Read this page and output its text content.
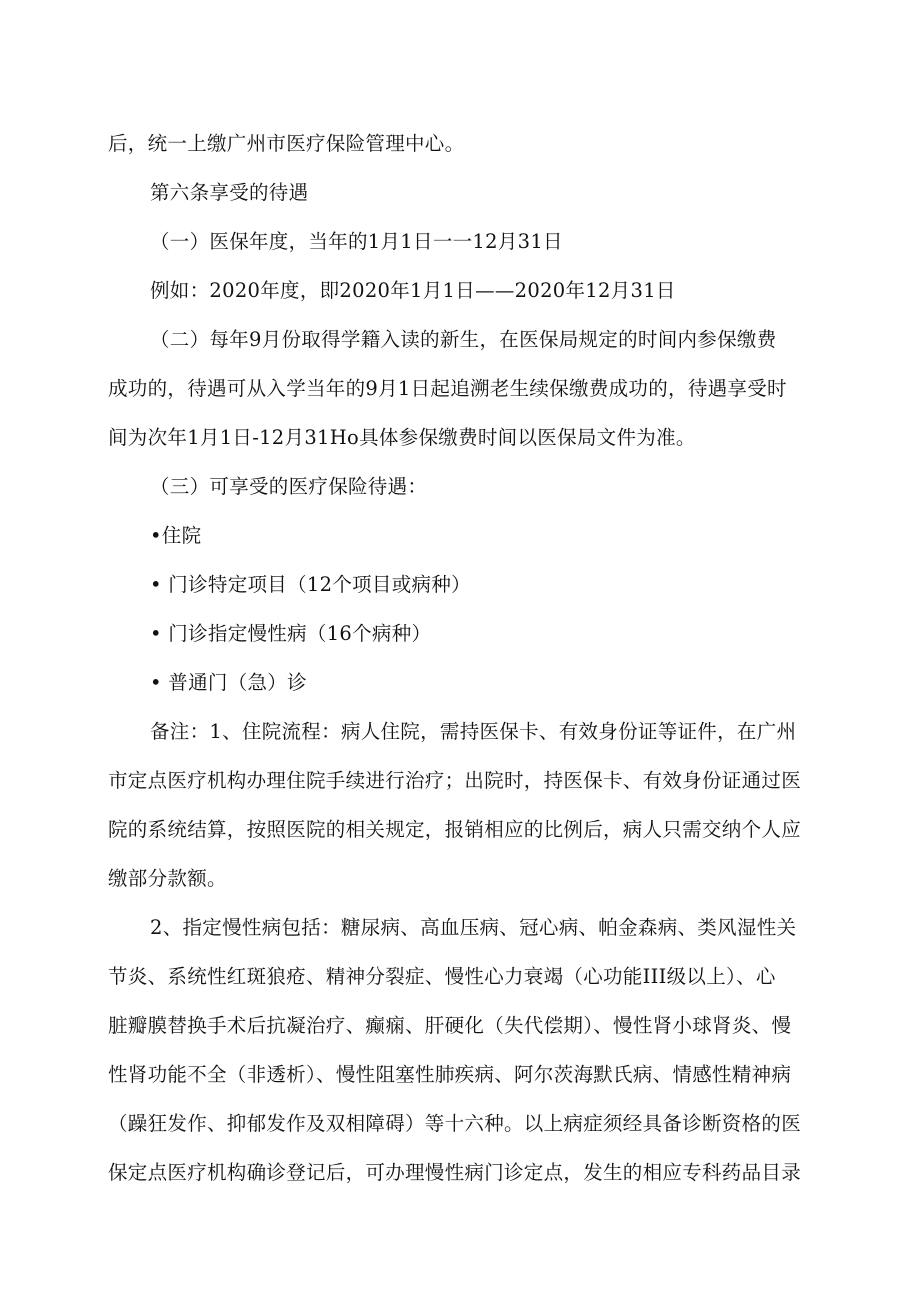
后，统一上缴广州市医疗保险管理中心。
第六条享受的待遇
（一）医保年度，当年的1月1日一一12月31日
例如：2020年度，即2020年1月1日——2020年12月31日
（二）每年9月份取得学籍入读的新生，在医保局规定的时间内参保缴费
成功的，待遇可从入学当年的9月1日起追溯老生续保缴费成功的，待遇享受时
间为次年1月1日-12月31Ho具体参保缴费时间以医保局文件为准。
（三）可享受的医疗保险待遇：
•住院
• 门诊特定项目（12个项目或病种）
• 门诊指定慢性病（16个病种）
• 普通门（急）诊
备注：1、住院流程：病人住院，需持医保卡、有效身份证等证件，在广州
市定点医疗机构办理住院手续进行治疗；出院时，持医保卡、有效身份证通过医
院的系统结算，按照医院的相关规定，报销相应的比例后，病人只需交纳个人应
缴部分款额。
2、指定慢性病包括：糖尿病、高血压病、冠心病、帕金森病、类风湿性关
节炎、系统性红斑狼疮、精神分裂症、慢性心力衰竭（心功能III级以上）、心
脏瓣膜替换手术后抗凝治疗、癫痫、肝硬化（失代偿期）、慢性肾小球肾炎、慢
性肾功能不全（非透析）、慢性阻塞性肺疾病、阿尔茨海默氏病、情感性精神病
（躁狂发作、抑郁发作及双相障碍）等十六种。以上病症须经具备诊断资格的医
保定点医疗机构确诊登记后，可办理慢性病门诊定点，发生的相应专科药品目录
